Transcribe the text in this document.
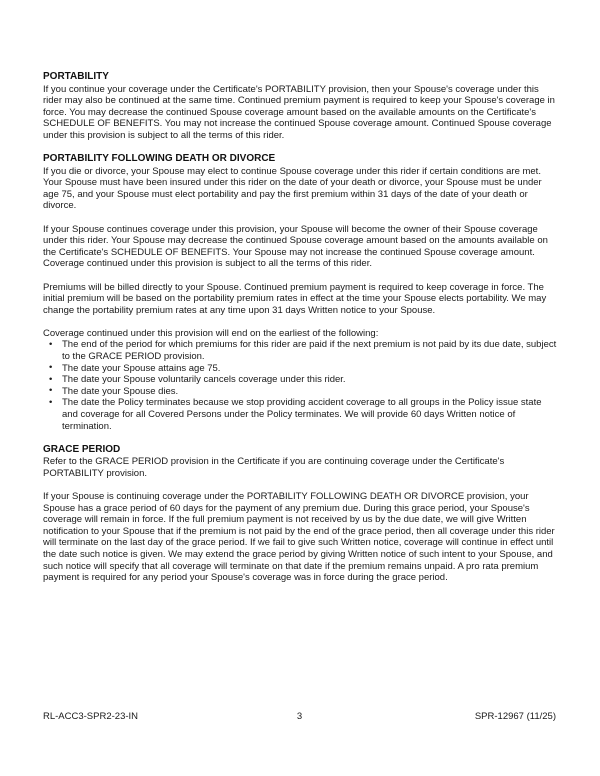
PORTABILITY

If you continue your coverage under the Certificate's PORTABILITY provision, then your Spouse's coverage under this rider may also be continued at the same time. Continued premium payment is required to keep your Spouse's coverage in force. You may decrease the continued Spouse coverage amount based on the available amounts on the Certificate's SCHEDULE OF BENEFITS. You may not increase the continued Spouse coverage amount. Continued Spouse coverage under this provision is subject to all the terms of this rider.

PORTABILITY FOLLOWING DEATH OR DIVORCE

If you die or divorce, your Spouse may elect to continue Spouse coverage under this rider if certain conditions are met. Your Spouse must have been insured under this rider on the date of your death or divorce, your Spouse must be under age 75, and your Spouse must elect portability and pay the first premium within 31 days of the date of your death or divorce.

If your Spouse continues coverage under this provision, your Spouse will become the owner of their Spouse coverage under this rider. Your Spouse may decrease the continued Spouse coverage amount based on the amounts available on the Certificate's SCHEDULE OF BENEFITS. Your Spouse may not increase the continued Spouse coverage amount. Coverage continued under this provision is subject to all the terms of this rider.

Premiums will be billed directly to your Spouse. Continued premium payment is required to keep coverage in force. The initial premium will be based on the portability premium rates in effect at the time your Spouse elects portability. We may change the portability premium rates at any time upon 31 days Written notice to your Spouse.

Coverage continued under this provision will end on the earliest of the following:

• The end of the period for which premiums for this rider are paid if the next premium is not paid by its due date, subject to the GRACE PERIOD provision.
• The date your Spouse attains age 75.
• The date your Spouse voluntarily cancels coverage under this rider.
• The date your Spouse dies.
• The date the Policy terminates because we stop providing accident coverage to all groups in the Policy issue state and coverage for all Covered Persons under the Policy terminates. We will provide 60 days Written notice of termination.
GRACE PERIOD

Refer to the GRACE PERIOD provision in the Certificate if you are continuing coverage under the Certificate's PORTABILITY provision.

If your Spouse is continuing coverage under the PORTABILITY FOLLOWING DEATH OR DIVORCE provision, your Spouse has a grace period of 60 days for the payment of any premium due. During this grace period, your Spouse's coverage will remain in force. If the full premium payment is not received by us by the due date, we will give Written notification to your Spouse that if the premium is not paid by the end of the grace period, then all coverage under this rider will terminate on the last day of the grace period. If we fail to give such Written notice, coverage will continue in effect until the date such notice is given. We may extend the grace period by giving Written notice of such intent to your Spouse, and such notice will specify that all coverage will terminate on that date if the premium remains unpaid. A pro rata premium payment is required for any period your Spouse's coverage was in force during the grace period.

RL-ACC3-SPR2-23-IN	3	SPR-12967 (11/25)
